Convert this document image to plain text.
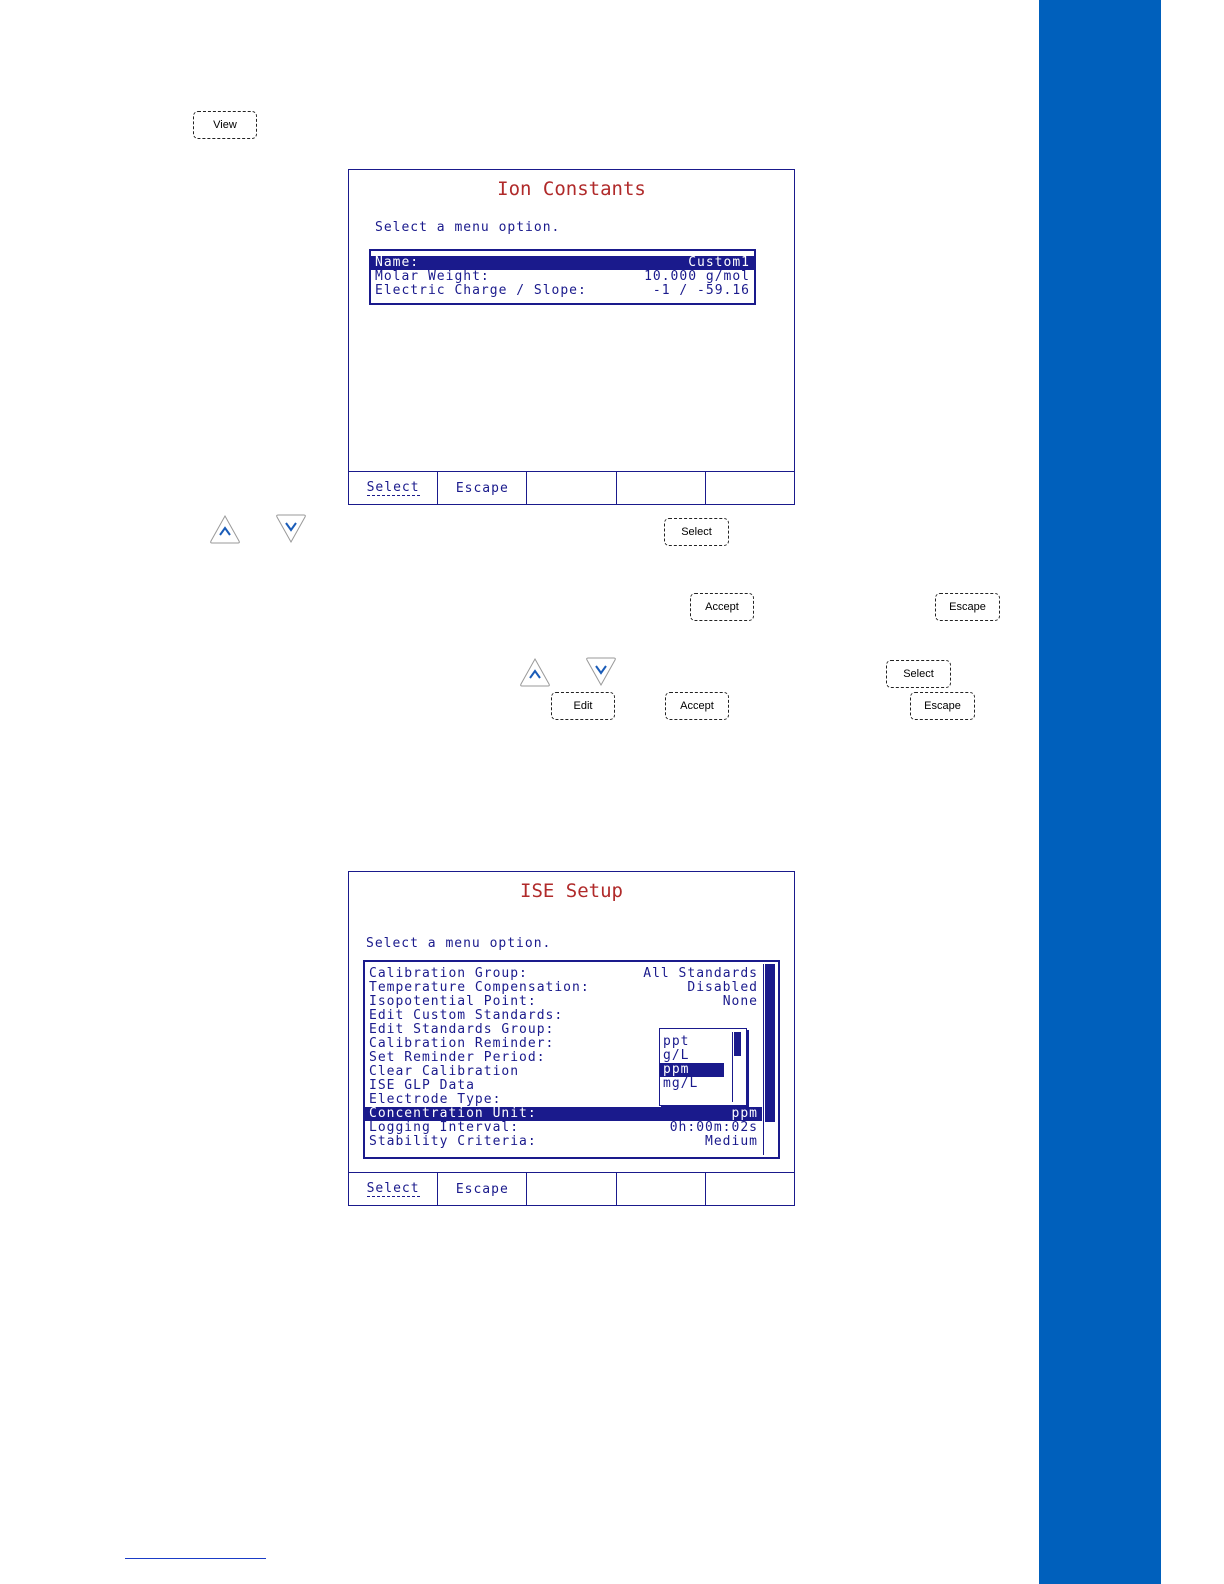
View
Ion Constants
Select a menu option.
Name:	Custom1
Molar Weight:	10.000 g/mol
Electric Charge / Slope:	-1 / -59.16
Select	Escape
Select
Accept	Escape
Select
Edit	Accept	Escape
ISE Setup
Select a menu option.
Calibration Group:	All Standards
Temperature Compensation:	Disabled
Isopotential Point:	None
Edit Custom Standards:
Edit Standards Group:
Calibration Reminder:
Set Reminder Period:
Clear Calibration
ISE GLP Data
Electrode Type:
Concentration Unit:	ppm
Logging Interval:	0h:00m:02s
Stability Criteria:	Medium
ppt
g/L
ppm
mg/L
Select	Escape
